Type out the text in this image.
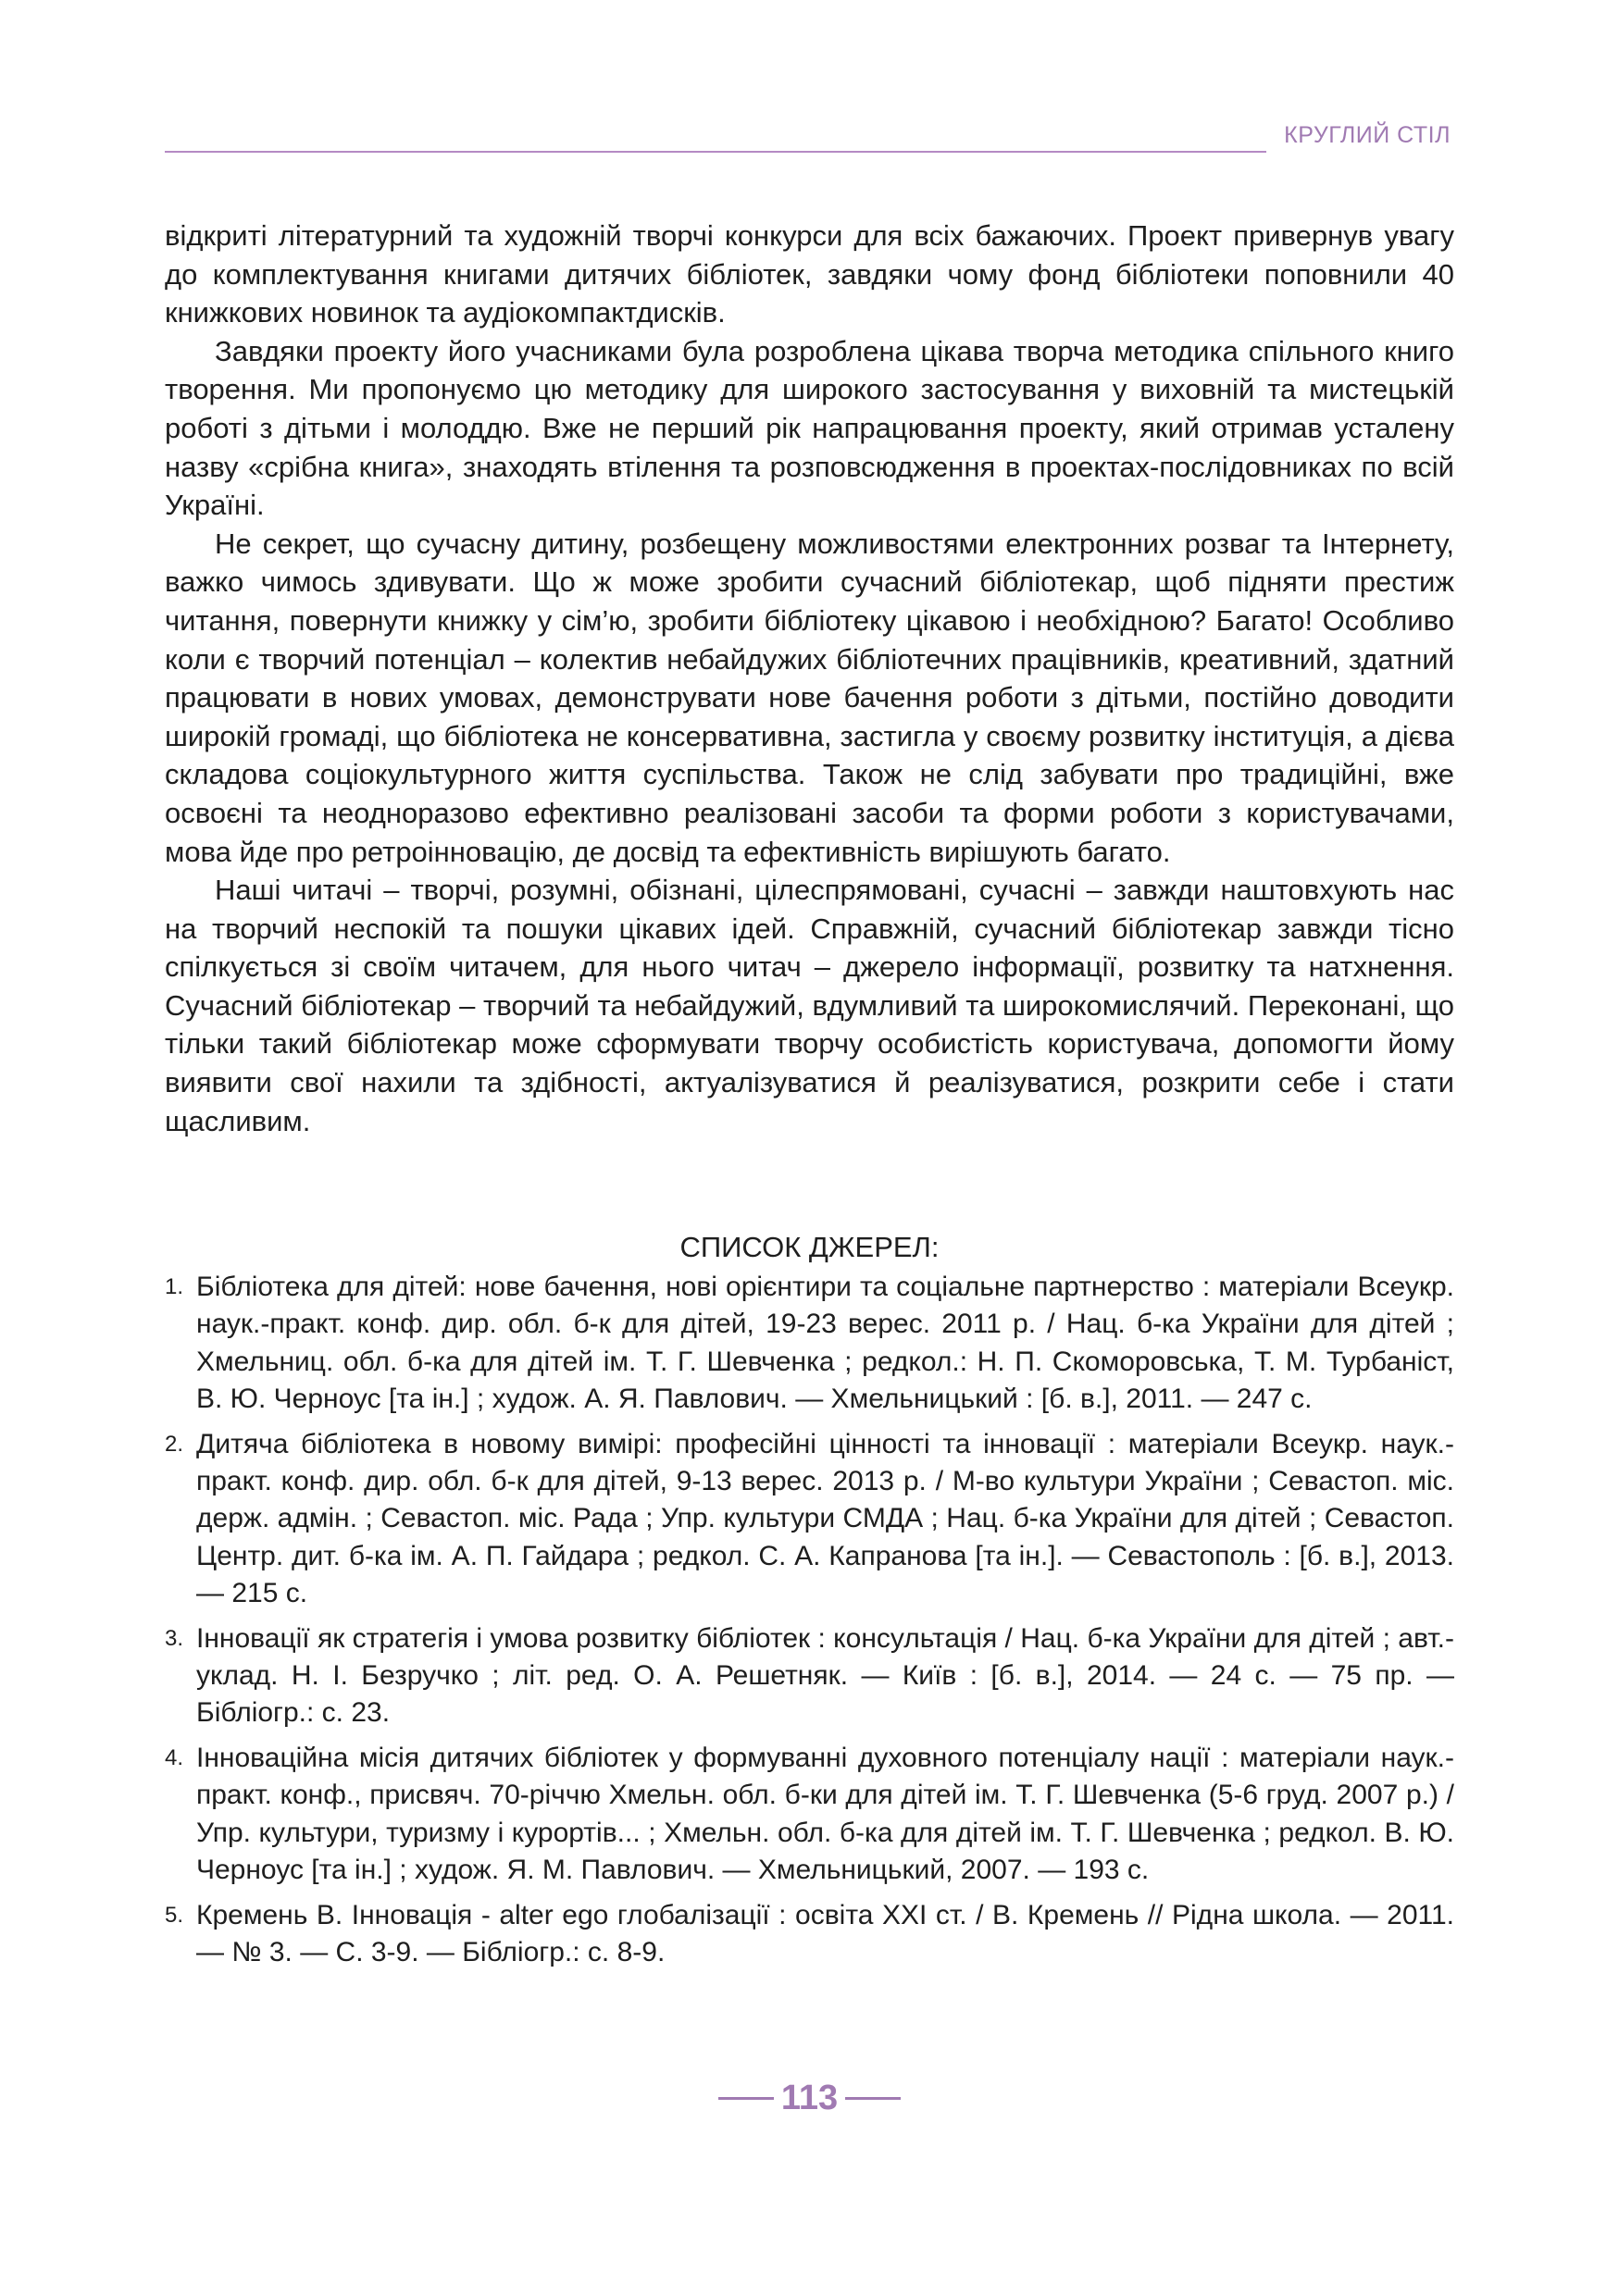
КРУГЛИЙ СТІЛ

відкриті літературний та художній творчі конкурси для всіх бажаючих. Проект привернув увагу до комплектування книгами дитячих бібліотек, завдяки чому фонд бібліотеки поповнили 40 книжкових новинок та аудіокомпактдисків.

Завдяки проекту його учасниками була розроблена цікава творча методика спільного книго творення. Ми пропонуємо цю методику для широкого застосування у виховній та мистецькій роботі з дітьми і молоддю. Вже не перший рік напрацювання проекту, який отримав усталену назву «срібна книга», знаходять втілення та розповсюдження в проектах-послідовниках по всій Україні.

Не секрет, що сучасну дитину, розбещену можливостями електронних розваг та Інтернету, важко чимось здивувати. Що ж може зробити сучасний бібліотекар, щоб підняти престиж читання, повернути книжку у сім’ю, зробити бібліотеку цікавою і необхідною? Багато! Особливо коли є творчий потенціал – колектив небайдужих бібліотечних працівників, креативний, здатний працювати в нових умовах, демонструвати нове бачення роботи з дітьми, постійно доводити широкій громаді, що бібліотека не консервативна, застигла у своєму розвитку інституція, а дієва складова соціокультурного життя суспільства. Також не слід забувати про традиційні, вже освоєні та неодноразово ефективно реалізовані засоби та форми роботи з користувачами, мова йде про ретроінновацію, де досвід та ефективність вирішують багато.

Наші читачі – творчі, розумні, обізнані, цілеспрямовані, сучасні – завжди наштовхують нас на творчий неспокій та пошуки цікавих ідей. Справжній, сучасний бібліотекар завжди тісно спілкується зі своїм читачем, для нього читач – джерело інформації, розвитку та натхнення. Сучасний бібліотекар – творчий та небайдужий, вдумливий та широкомислячий. Переконані, що тільки такий бібліотекар може сформувати творчу особистість користувача, допомогти йому виявити свої нахили та здібності, актуалізуватися й реалізуватися, розкрити себе і стати щасливим.

СПИСОК ДЖЕРЕЛ:
1. Бібліотека для дітей: нове бачення, нові орієнтири та соціальне партнерство : матеріали Всеукр. наук.-практ. конф. дир. обл. б-к для дітей, 19-23 верес. 2011 р. / Нац. б-ка України для дітей ; Хмельниц. обл. б-ка для дітей ім. Т. Г. Шевченка ; редкол.: Н. П. Скоморовська, Т. М. Турбаніст, В. Ю. Черноус [та ін.] ; худож. А. Я. Павлович. — Хмельницький : [б. в.], 2011. — 247 с.
2. Дитяча бібліотека в новому вимірі: професійні цінності та інновації : матеріали Всеукр. наук.-практ. конф. дир. обл. б-к для дітей, 9-13 верес. 2013 р. / М-во культури України ; Севастоп. міс. держ. адмін. ; Севастоп. міс. Рада ; Упр. культури СМДА ; Нац. б-ка України для дітей ; Севастоп. Центр. дит. б-ка ім. А. П. Гайдара ; редкол. С. А. Капранова [та ін.]. — Севастополь : [б. в.], 2013. — 215 с.
3. Інновації як стратегія і умова розвитку бібліотек : консультація / Нац. б-ка України для дітей ; авт.-уклад. Н. І. Безручко ; літ. ред. О. А. Решетняк. — Київ : [б. в.], 2014. — 24 с. — 75 пр. — Бібліогр.: с. 23.
4. Інноваційна місія дитячих бібліотек у формуванні духовного потенціалу нації : матеріали наук.-практ. конф., присвяч. 70-річчю Хмельн. обл. б-ки для дітей ім. Т. Г. Шевченка (5-6 груд. 2007 р.) / Упр. культури, туризму і курортів... ; Хмельн. обл. б-ка для дітей ім. Т. Г. Шевченка ; редкол. В. Ю. Черноус [та ін.] ; худож. Я. М. Павлович. — Хмельницький, 2007. — 193 с.
5. Кремень В. Інновація - alter ego глобалізації : освіта XXI ст. / В. Кремень // Рідна школа. — 2011. — № 3. — С. 3-9. — Бібліогр.: с. 8-9.
113
